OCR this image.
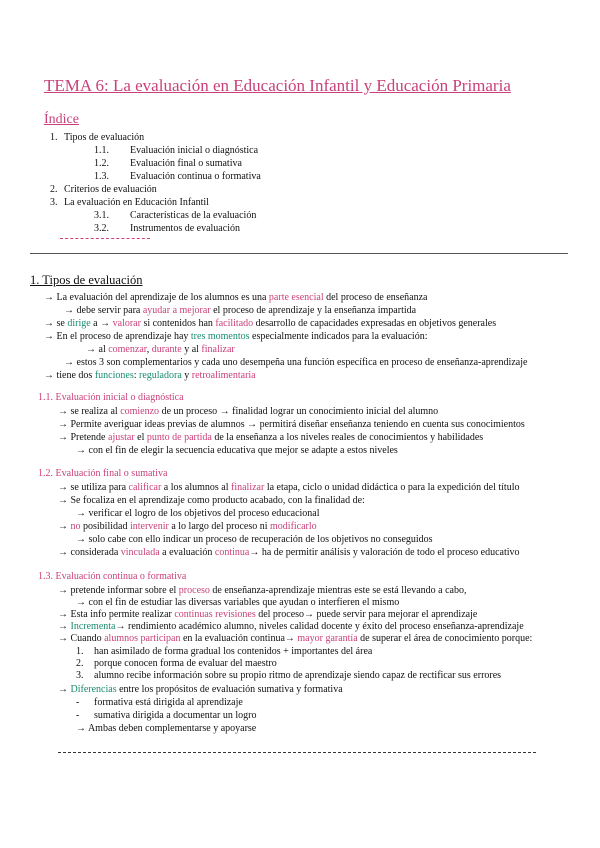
TEMA 6: La evaluación en Educación Infantil y Educación Primaria
Índice
1. Tipos de evaluación
1.1. Evaluación inicial o diagnóstica
1.2. Evaluación final o sumativa
1.3. Evaluación continua o formativa
2. Criterios de evaluación
3. La evaluación en Educación Infantil
3.1. Características de la evaluación
3.2. Instrumentos de evaluación
1. Tipos de evaluación
→ La evaluación del aprendizaje de los alumnos es una parte esencial del proceso de enseñanza
→ debe servir para ayudar a mejorar el proceso de aprendizaje y la enseñanza impartida
→ se dirige a → valorar si contenidos han facilitado desarrollo de capacidades expresadas en objetivos generales
→ En el proceso de aprendizaje hay tres momentos especialmente indicados para la evaluación:
→ al comenzar, durante y al finalizar
→ estos 3 son complementarios y cada uno desempeña una función específica en proceso de enseñanza-aprendizaje
→ tiene dos funciones: reguladora y retroalimentaria
1.1. Evaluación inicial o diagnóstica
→ se realiza al comienzo de un proceso → finalidad lograr un conocimiento inicial del alumno
→ Permite averiguar ideas previas de alumnos → permitirá diseñar enseñanza teniendo en cuenta sus conocimientos
→ Pretende ajustar el punto de partida de la enseñanza a los niveles reales de conocimientos y habilidades
→ con el fin de elegir la secuencia educativa que mejor se adapte a estos niveles
1.2. Evaluación final o sumativa
→ se utiliza para calificar a los alumnos al finalizar la etapa, ciclo o unidad didáctica o para la expedición del título
→ Se focaliza en el aprendizaje como producto acabado, con la finalidad de:
→ verificar el logro de los objetivos del proceso educacional
→ no posibilidad intervenir a lo largo del proceso ni modificarlo
→ solo cabe con ello indicar un proceso de recuperación de los objetivos no conseguidos
→ considerada vinculada a evaluación continua→ ha de permitir análisis y valoración de todo el proceso educativo
1.3. Evaluación continua o formativa
→ pretende informar sobre el proceso de enseñanza-aprendizaje mientras este se está llevando a cabo,
→ con el fin de estudiar las diversas variables que ayudan o interfieren el mismo
→ Esta info permite realizar continuas revisiones del proceso→ puede servir para mejorar el aprendizaje
→ Incrementa→ rendimiento académico alumno, niveles calidad docente y éxito del proceso enseñanza-aprendizaje
→ Cuando alumnos participan en la evaluación continua→ mayor garantía de superar el área de conocimiento porque:
1. han asimilado de forma gradual los contenidos + importantes del área
2. porque conocen forma de evaluar del maestro
3. alumno recibe información sobre su propio ritmo de aprendizaje siendo capaz de rectificar sus errores
→ Diferencias entre los propósitos de evaluación sumativa y formativa
- formativa está dirigida al aprendizaje
- sumativa dirigida a documentar un logro
→ Ambas deben complementarse y apoyarse
